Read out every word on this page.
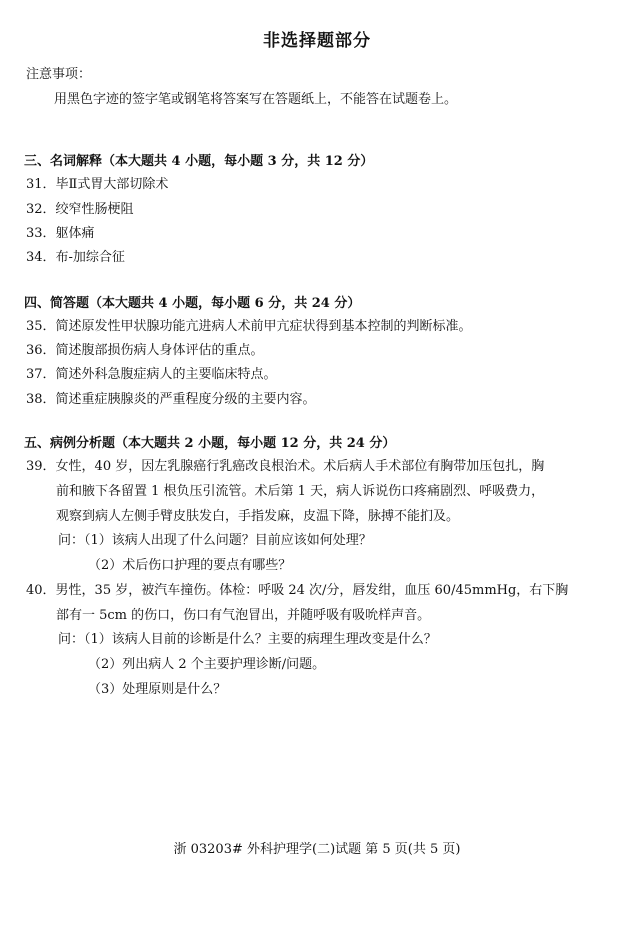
非选择题部分
注意事项：
用黑色字迹的签字笔或钢笔将答案写在答题纸上，不能答在试题卷上。
三、名词解释（本大题共 4 小题，每小题 3 分，共 12 分）
31．毕Ⅱ式胃大部切除术
32．绞窄性肠梗阻
33．躯体痛
34．布-加综合征
四、简答题（本大题共 4 小题，每小题 6 分，共 24 分）
35．简述原发性甲状腺功能亢进病人术前甲亢症状得到基本控制的判断标准。
36．简述腹部损伤病人身体评估的重点。
37．简述外科急腹症病人的主要临床特点。
38．简述重症胰腺炎的严重程度分级的主要内容。
五、病例分析题（本大题共 2 小题，每小题 12 分，共 24 分）
39．女性，40 岁，因左乳腺癌行乳癌改良根治术。术后病人手术部位有胸带加压包扎，胸
前和腋下各留置 1 根负压引流管。术后第 1 天，病人诉说伤口疼痛剧烈、呼吸费力，
观察到病人左侧手臂皮肤发白，手指发麻，皮温下降，脉搏不能扪及。
问：（1）该病人出现了什么问题？目前应该如何处理？
（2）术后伤口护理的要点有哪些？
40．男性，35 岁，被汽车撞伤。体检：呼吸 24 次/分，唇发绀，血压 60/45mmHg，右下胸
部有一 5cm 的伤口，伤口有气泡冒出，并随呼吸有吸吮样声音。
问：（1）该病人目前的诊断是什么？主要的病理生理改变是什么？
（2）列出病人 2 个主要护理诊断/问题。
（3）处理原则是什么？
浙 03203# 外科护理学(二)试题 第 5 页(共 5 页)
